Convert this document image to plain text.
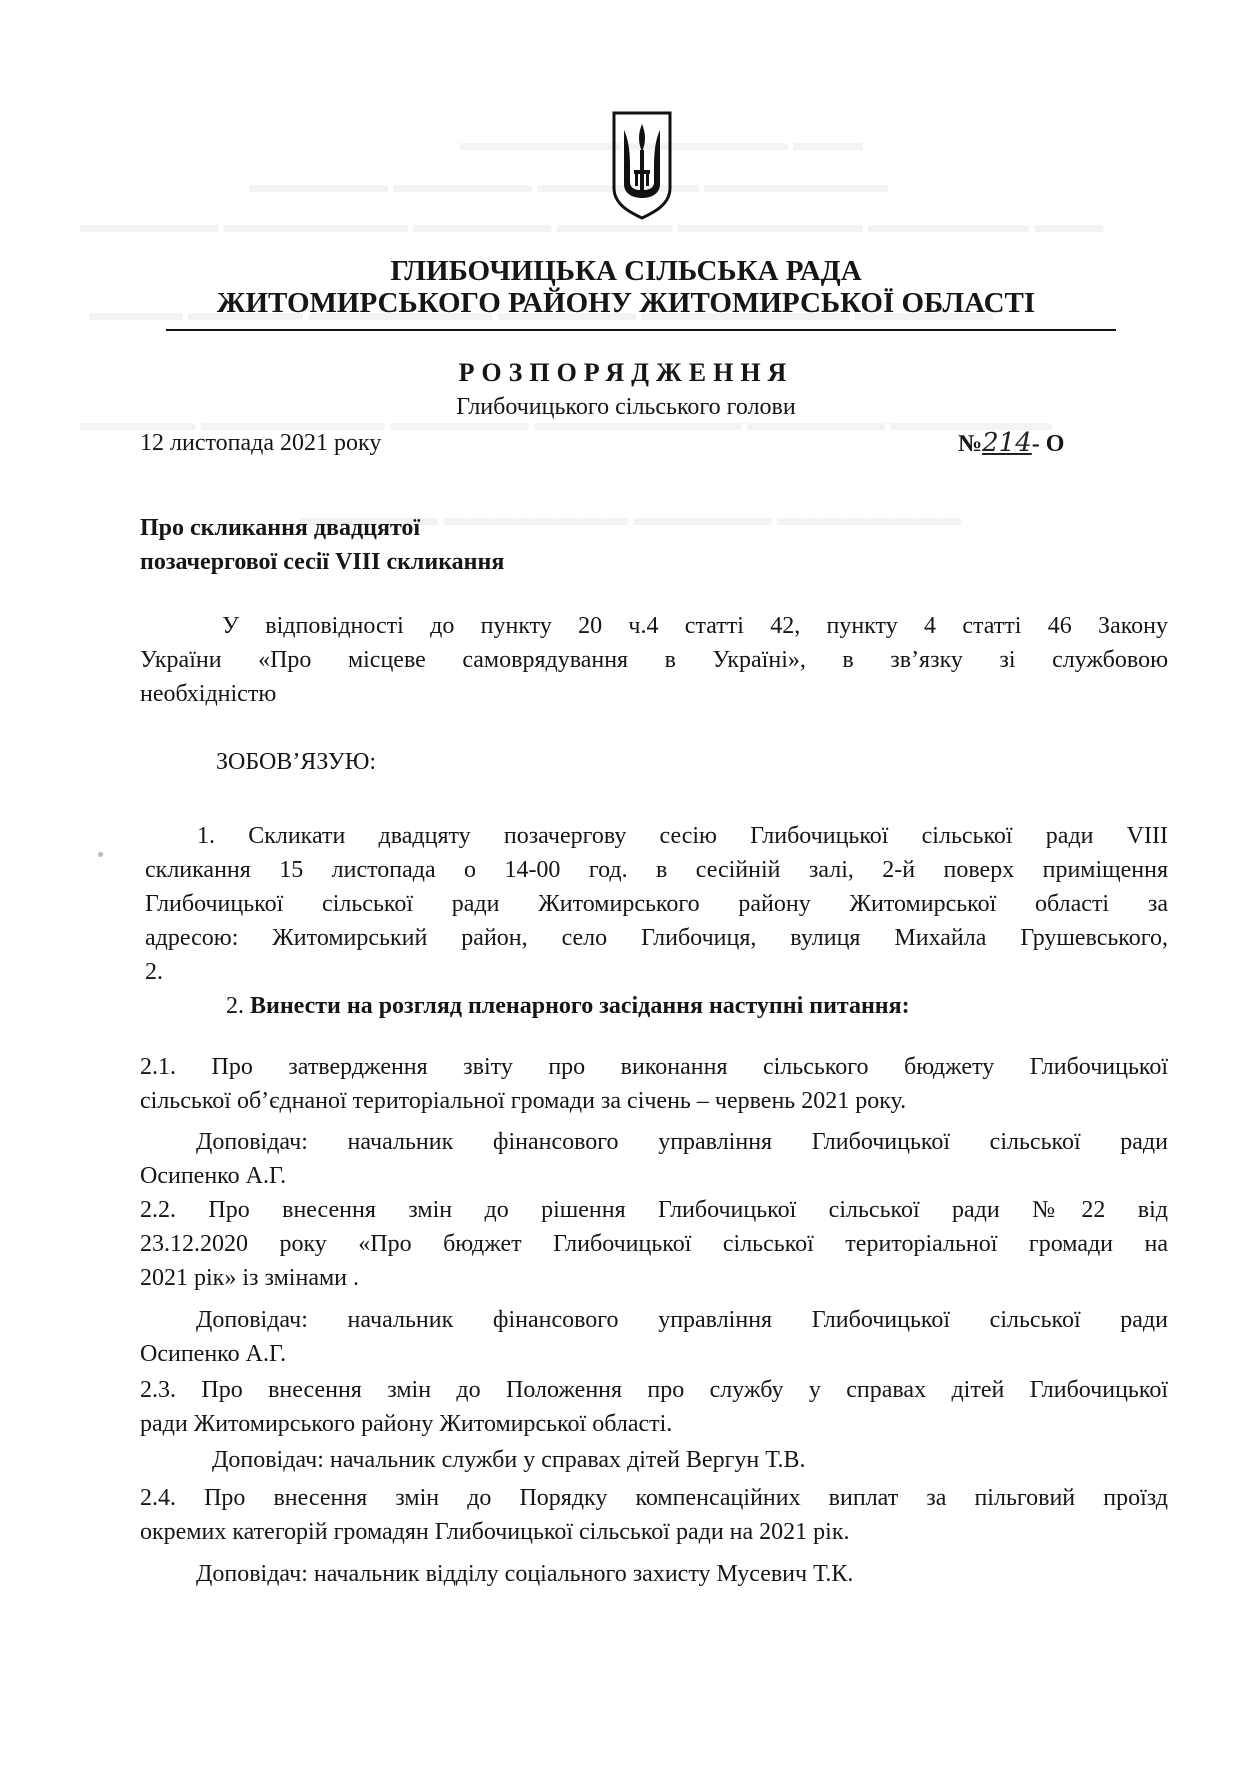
ГЛИБОЧИЦЬКА СІЛЬСЬКА РАДА
ЖИТОМИРСЬКОГО РАЙОНУ ЖИТОМИРСЬКОЇ ОБЛАСТІ
РОЗПОРЯДЖЕННЯ
Глибочицького сільського голови
12 листопада 2021 року	№214- О
Про скликання двадцятої
позачергової сесії VIII скликання
У відповідності до пункту 20 ч.4 статті 42, пункту 4 статті 46 Закону
України «Про місцеве самоврядування в Україні», в зв’язку зі службовою
необхідністю
ЗОБОВ’ЯЗУЮ:
1. Скликати двадцяту позачергову сесію Глибочицької сільської ради VIII
скликання 15 листопада о 14-00 год. в сесійній залі, 2-й поверх приміщення
Глибочицької сільської ради Житомирського району Житомирської області за
адресою: Житомирський район, село Глибочиця, вулиця Михайла Грушевського,
2.
2. Винести на розгляд пленарного засідання наступні питання:
2.1. Про затвердження звіту про виконання сільського бюджету Глибочицької
сільської об’єднаної територіальної громади за січень – червень 2021 року.
Доповідач: начальник фінансового управління Глибочицької сільської ради
Осипенко А.Г.
2.2. Про внесення змін до рішення Глибочицької сільської ради №22 від
23.12.2020 року «Про бюджет Глибочицької сільської територіальної громади на
2021 рік» із змінами .
Доповідач: начальник фінансового управління Глибочицької сільської ради
Осипенко А.Г.
2.3. Про внесення змін до Положення про службу у справах дітей Глибочицької
ради Житомирського району Житомирської області.
Доповідач: начальник служби у справах дітей Вергун Т.В.
2.4. Про внесення змін до Порядку компенсаційних виплат за пільговий проїзд
окремих категорій громадян Глибочицької сільської ради на 2021 рік.
Доповідач: начальник відділу соціального захисту Мусевич Т.К.
